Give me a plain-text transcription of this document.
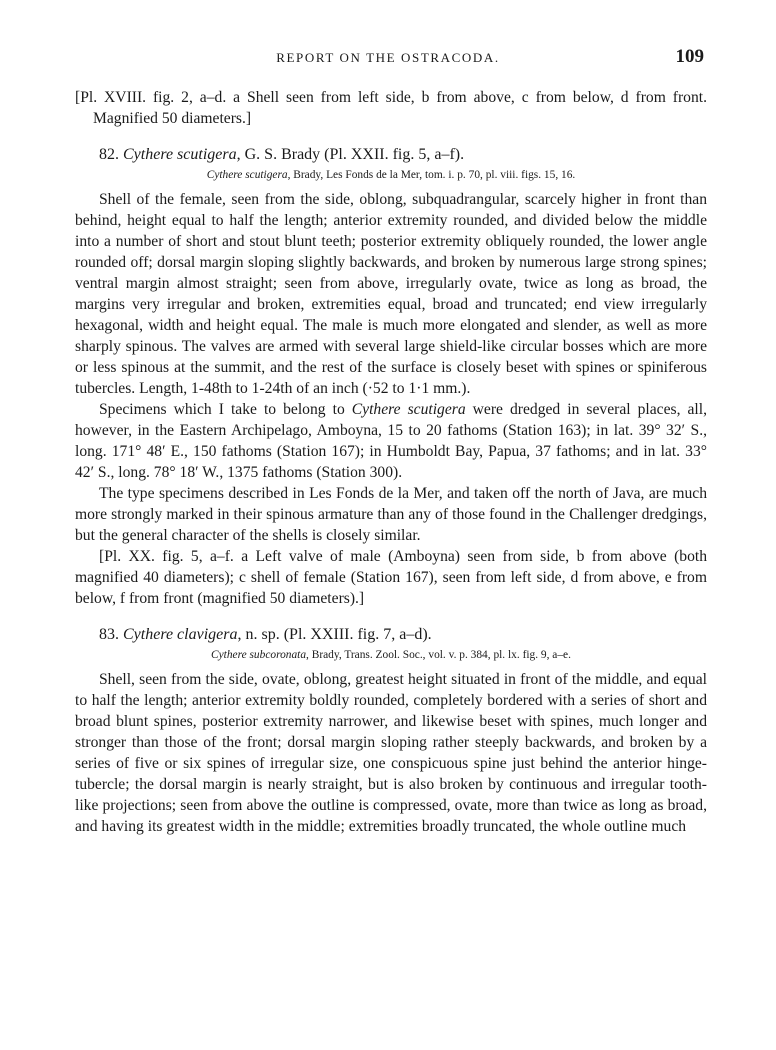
REPORT ON THE OSTRACODA.	109

[Pl. XVIII. fig. 2, a–d. a Shell seen from left side, b from above, c from below, d from front. Magnified 50 diameters.]

82. Cythere scutigera, G. S. Brady (Pl. XXII. fig. 5, a–f).

Cythere scutigera, Brady, Les Fonds de la Mer, tom. i. p. 70, pl. viii. figs. 15, 16.

Shell of the female, seen from the side, oblong, subquadrangular, scarcely higher in front than behind, height equal to half the length; anterior extremity rounded, and divided below the middle into a number of short and stout blunt teeth; posterior extremity obliquely rounded, the lower angle rounded off; dorsal margin sloping slightly backwards, and broken by numerous large strong spines; ventral margin almost straight; seen from above, irregularly ovate, twice as long as broad, the margins very irregular and broken, extremities equal, broad and truncated; end view irregularly hexagonal, width and height equal. The male is much more elongated and slender, as well as more sharply spinous. The valves are armed with several large shield-like circular bosses which are more or less spinous at the summit, and the rest of the surface is closely beset with spines or spiniferous tubercles. Length, 1-48th to 1-24th of an inch (·52 to 1·1 mm.).

Specimens which I take to belong to Cythere scutigera were dredged in several places, all, however, in the Eastern Archipelago, Amboyna, 15 to 20 fathoms (Station 163); in lat. 39° 32′ S., long. 171° 48′ E., 150 fathoms (Station 167); in Humboldt Bay, Papua, 37 fathoms; and in lat. 33° 42′ S., long. 78° 18′ W., 1375 fathoms (Station 300).

The type specimens described in Les Fonds de la Mer, and taken off the north of Java, are much more strongly marked in their spinous armature than any of those found in the Challenger dredgings, but the general character of the shells is closely similar.

[Pl. XX. fig. 5, a–f. a Left valve of male (Amboyna) seen from side, b from above (both magnified 40 diameters); c shell of female (Station 167), seen from left side, d from above, e from below, f from front (magnified 50 diameters).]

83. Cythere clavigera, n. sp. (Pl. XXIII. fig. 7, a–d).

Cythere subcoronata, Brady, Trans. Zool. Soc., vol. v. p. 384, pl. lx. fig. 9, a–e.

Shell, seen from the side, ovate, oblong, greatest height situated in front of the middle, and equal to half the length; anterior extremity boldly rounded, completely bordered with a series of short and broad blunt spines, posterior extremity narrower, and likewise beset with spines, much longer and stronger than those of the front; dorsal margin sloping rather steeply backwards, and broken by a series of five or six spines of irregular size, one conspicuous spine just behind the anterior hinge-tubercle; the dorsal margin is nearly straight, but is also broken by continuous and irregular tooth-like projections; seen from above the outline is compressed, ovate, more than twice as long as broad, and having its greatest width in the middle; extremities broadly truncated, the whole outline much
